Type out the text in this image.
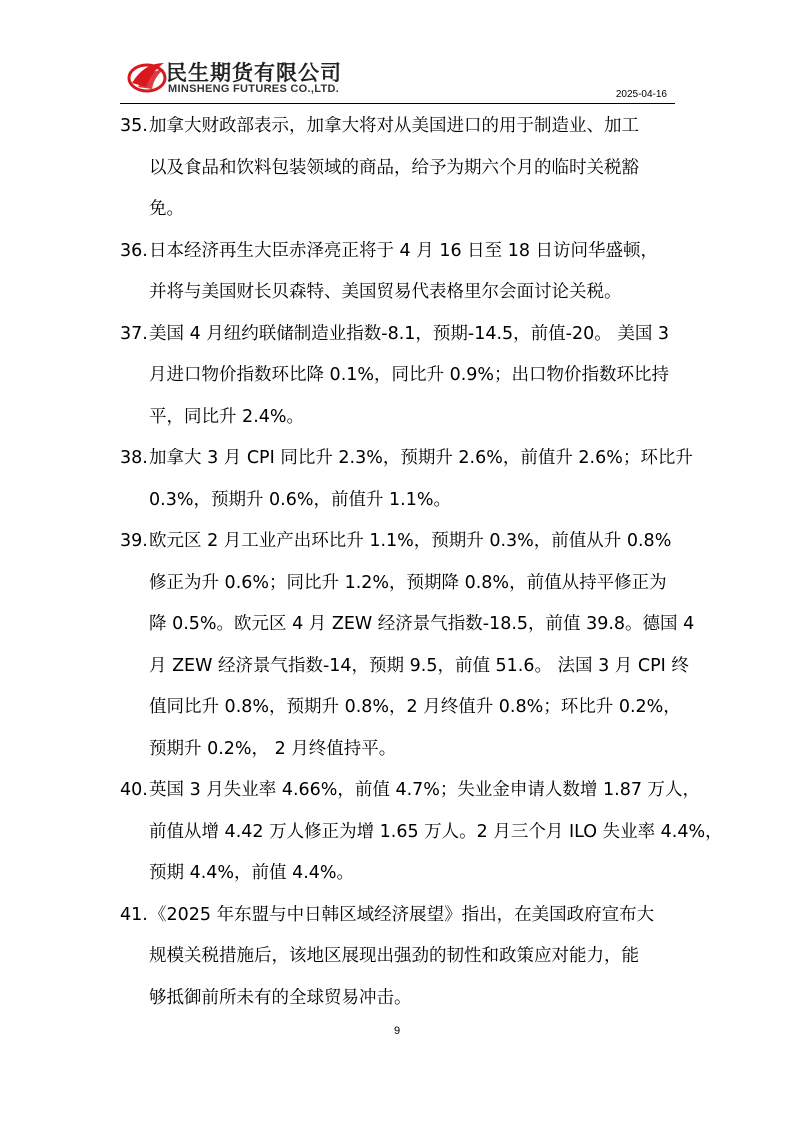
民生期货有限公司
MINSHENG FUTURES CO.,LTD.	2025-04-16
35.加拿大财政部表示，加拿大将对从美国进口的用于制造业、加工
以及食品和饮料包装领域的商品，给予为期六个月的临时关税豁
免。
36.日本经济再生大臣赤泽亮正将于 4 月 16 日至 18 日访问华盛顿，
并将与美国财长贝森特、美国贸易代表格里尔会面讨论关税。
37.美国 4 月纽约联储制造业指数-8.1，预期-14.5，前值-20。 美国 3
月进口物价指数环比降 0.1%，同比升 0.9%；出口物价指数环比持
平，同比升 2.4%。
38.加拿大 3 月 CPI 同比升 2.3%，预期升 2.6%，前值升 2.6%；环比升
0.3%，预期升 0.6%，前值升 1.1%。
39.欧元区 2 月工业产出环比升 1.1%，预期升 0.3%，前值从升 0.8%
修正为升 0.6%；同比升 1.2%，预期降 0.8%，前值从持平修正为
降 0.5%。欧元区 4 月 ZEW 经济景气指数-18.5，前值 39.8。德国 4
月 ZEW 经济景气指数-14，预期 9.5，前值 51.6。 法国 3 月 CPI 终
值同比升 0.8%，预期升 0.8%，2 月终值升 0.8%；环比升 0.2%，
预期升 0.2%， 2 月终值持平。
40.英国 3 月失业率 4.66%，前值 4.7%；失业金申请人数增 1.87 万人，
前值从增 4.42 万人修正为增 1.65 万人。2 月三个月 ILO 失业率 4.4%，
预期 4.4%，前值 4.4%。
41.《2025 年东盟与中日韩区域经济展望》指出，在美国政府宣布大
规模关税措施后，该地区展现出强劲的韧性和政策应对能力，能
够抵御前所未有的全球贸易冲击。
9
